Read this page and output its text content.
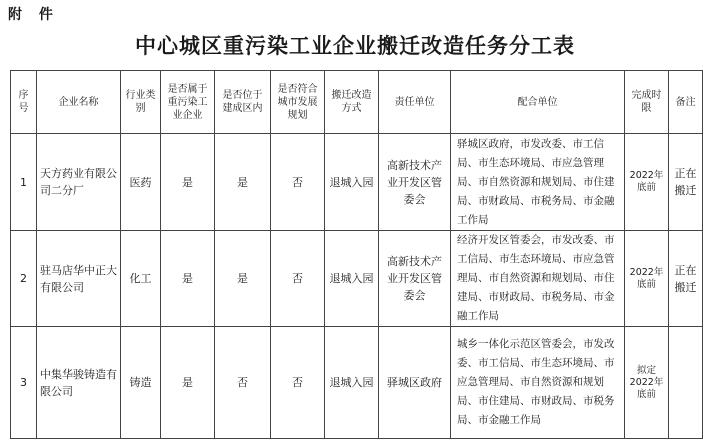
附 件
中心城区重污染工业企业搬迁改造任务分工表
序号	企业名称	行业类别	是否属于重污染工业企业	是否位于建成区内	是否符合城市发展规划	搬迁改造方式	责任单位	配合单位	完成时限	备注
1	天方药业有限公司二分厂	医药	是	是	否	退城入园	高新技术产业开发区管委会	驿城区政府，市发改委、市工信局、市生态环境局、市应急管理局、市自然资源和规划局、市住建局、市财政局、市税务局、市金融工作局	2022年底前	正在搬迁
2	驻马店华中正大有限公司	化工	是	是	否	退城入园	高新技术产业开发区管委会	经济开发区管委会，市发改委、市工信局、市生态环境局、市应急管理局、市自然资源和规划局、市住建局、市财政局、市税务局、市金融工作局	2022年底前	正在搬迁
3	中集华骏铸造有限公司	铸造	是	否	否	退城入园	驿城区政府	城乡一体化示范区管委会，市发改委、市工信局、市生态环境局、市应急管理局、市自然资源和规划局、市住建局、市财政局、市税务局、市金融工作局	拟定2022年底前	
